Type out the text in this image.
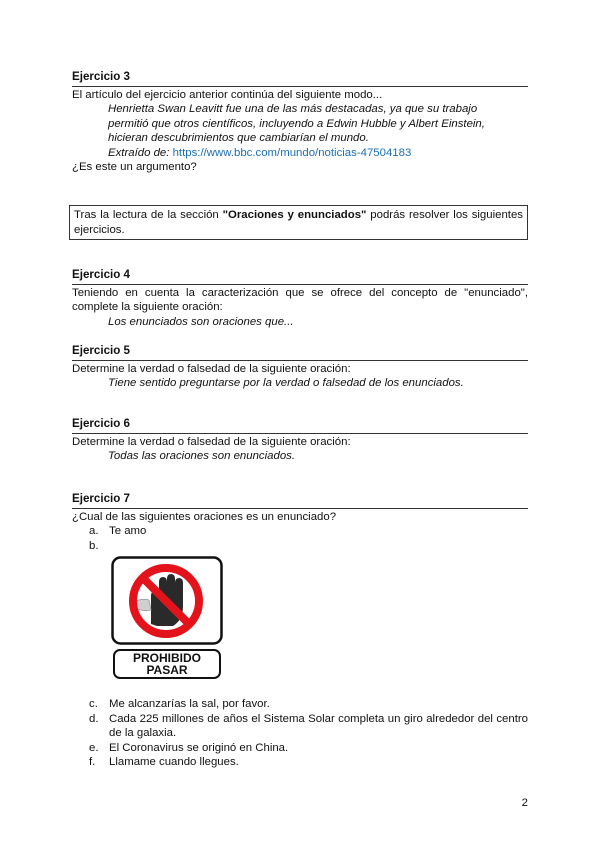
Ejercicio 3
El artículo del ejercicio anterior continúa del siguiente modo...
Henrietta Swan Leavitt fue una de las más destacadas, ya que su trabajo
permitió que otros científicos, incluyendo a Edwin Hubble y Albert Einstein,
hicieran descubrimientos que cambiarían el mundo.
Extraído de: https://www.bbc.com/mundo/noticias-47504183
¿Es este un argumento?
Tras la lectura de la sección "Oraciones y enunciados" podrás resolver los siguientes ejercicios.
Ejercicio 4
Teniendo en cuenta la caracterización que se ofrece del concepto de "enunciado", complete la siguiente oración:
Los enunciados son oraciones que...
Ejercicio 5
Determine la verdad o falsedad de la siguiente oración:
Tiene sentido preguntarse por la verdad o falsedad de los enunciados.
Ejercicio 6
Determine la verdad o falsedad de la siguiente oración:
Todas las oraciones son enunciados.
Ejercicio 7
¿Cual de las siguientes oraciones es un enunciado?
a. Te amo
b.
PROHIBIDO
PASAR
c. Me alcanzarías la sal, por favor.
d. Cada 225 millones de años el Sistema Solar completa un giro alrededor del centro de la galaxia.
e. El Coronavirus se originó en China.
f. Llamame cuando llegues.
2
